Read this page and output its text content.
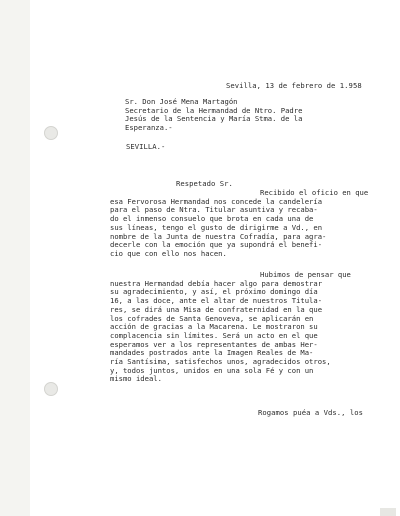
Sevilla, 13 de febrero de 1.958
Sr. Don José Mena Martagón
Secretario de la Hermandad de Ntro. Padre
Jesús de la Sentencia y María Stma. de la
Esperanza.-
SEVILLA.-
Respetado Sr.
Recibido el oficio en que
esa Fervorosa Hermandad nos concede la candelería
para el paso de Ntra. Titular asuntiva y recaba-
do el inmenso consuelo que brota en cada una de
sus líneas, tengo el gusto de dirigirme a Vd., en
nombre de la Junta de nuestra Cofradía, para agra-
decerle con la emoción que ya supondrá el benefi-
cio que con ello nos hacen.
Hubimos de pensar que
nuestra Hermandad debía hacer algo para demostrar
su agradecimiento, y así, el próximo domingo día
16, a las doce, ante el altar de nuestros Titula-
res, se dirá una Misa de confraternidad en la que
los cofrades de Santa Genoveva, se aplicarán en
acción de gracias a la Macarena. Le mostraron su
complacencia sin límites. Será un acto en el que
esperamos ver a los representantes de ambas Her-
mandades postrados ante la Imagen Reales de Ma-
ría Santísima, satisfechos unos, agradecidos otros,
y, todos juntos, unidos en una sola Fé y con un
mismo ideal.
Rogamos puéa a Vds., los
